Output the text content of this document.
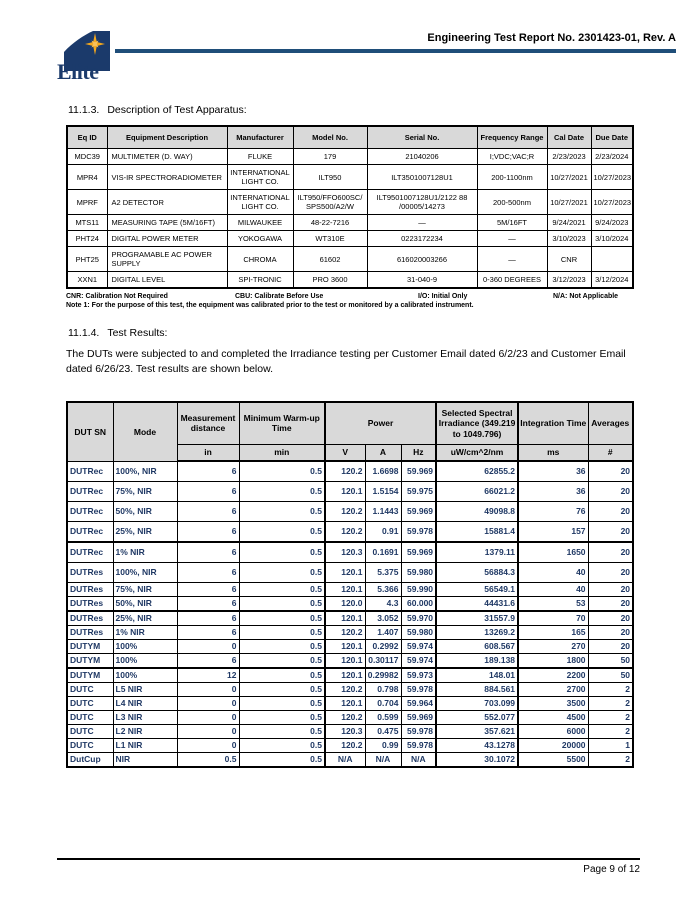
Elite
Engineering Test Report No. 2301423-01, Rev. A
11.1.3. Description of Test Apparatus:
Eq ID	Equipment Description	Manufacturer	Model No.	Serial No.	Frequency Range	Cal Date	Due Date
MDC39	MULTIMETER (D. WAY)	FLUKE	179	21040206	I;VDC;VAC;R	2/23/2023	2/23/2024
MPR4	VIS-IR SPECTRORADIOMETER	INTERNATIONAL LIGHT CO.	ILT950	ILT3501007128U1	200-1100nm	10/27/2021	10/27/2023
MPRF	A2 DETECTOR	INTERNATIONAL LIGHT CO.	ILT950/FFO600SC/ SPS500/A2/W	ILT9501007128U1/2122 88 /00005/14273	200-500nm	10/27/2021	10/27/2023
MTS11	MEASURING TAPE (5M/16FT)	MILWAUKEE	48-22-7216	—	5M/16FT	9/24/2021	9/24/2023
PHT24	DIGITAL POWER METER	YOKOGAWA	WT310E	0223172234	—	3/10/2023	3/10/2024
PHT25	PROGRAMABLE AC POWER SUPPLY	CHROMA	61602	616020003266	—	CNR	
XXN1	DIGITAL LEVEL	SPI-TRONIC	PRO 3600	31-040-9	0-360 DEGREES	3/12/2023	3/12/2024
CNR: Calibration Not Required	CBU: Calibrate Before Use	I/O: Initial Only	N/A: Not Applicable
Note 1: For the purpose of this test, the equipment was calibrated prior to the test or monitored by a calibrated instrument.
11.1.4. Test Results:
The DUTs were subjected to and completed the Irradiance testing per Customer Email dated 6/2/23 and Customer Email dated 6/26/23. Test results are shown below.
DUT SN	Mode	Measurement distance	Minimum Warm-up Time	Power			Selected Spectral Irradiance (349.219 to 1049.796)	Integration Time	Averages
		in	min	V	A	Hz	uW/cm^2/nm	ms	#
DUTRec	100%, NIR	6	0.5	120.2	1.6698	59.969	62855.2	36	20
DUTRec	75%, NIR	6	0.5	120.1	1.5154	59.975	66021.2	36	20
DUTRec	50%, NIR	6	0.5	120.2	1.1443	59.969	49098.8	76	20
DUTRec	25%, NIR	6	0.5	120.2	0.91	59.978	15881.4	157	20
DUTRec	1% NIR	6	0.5	120.3	0.1691	59.969	1379.11	1650	20
DUTRes	100%, NIR	6	0.5	120.1	5.375	59.980	56884.3	40	20
DUTRes	75%, NIR	6	0.5	120.1	5.366	59.990	56549.1	40	20
DUTRes	50%, NIR	6	0.5	120.0	4.3	60.000	44431.6	53	20
DUTRes	25%, NIR	6	0.5	120.1	3.052	59.970	31557.9	70	20
DUTRes	1% NIR	6	0.5	120.2	1.407	59.980	13269.2	165	20
DUTYM	100%	0	0.5	120.1	0.2992	59.974	608.567	270	20
DUTYM	100%	6	0.5	120.1	0.30117	59.974	189.138	1800	50
DUTYM	100%	12	0.5	120.1	0.29982	59.973	148.01	2200	50
DUTC	L5 NIR	0	0.5	120.2	0.798	59.978	884.561	2700	2
DUTC	L4 NIR	0	0.5	120.1	0.704	59.964	703.099	3500	2
DUTC	L3 NIR	0	0.5	120.2	0.599	59.969	552.077	4500	2
DUTC	L2 NIR	0	0.5	120.3	0.475	59.978	357.621	6000	2
DUTC	L1 NIR	0	0.5	120.2	0.99	59.978	43.1278	20000	1
DutCup	NIR	0.5	0.5	N/A	N/A	N/A	30.1072	5500	2
Page 9 of 12
